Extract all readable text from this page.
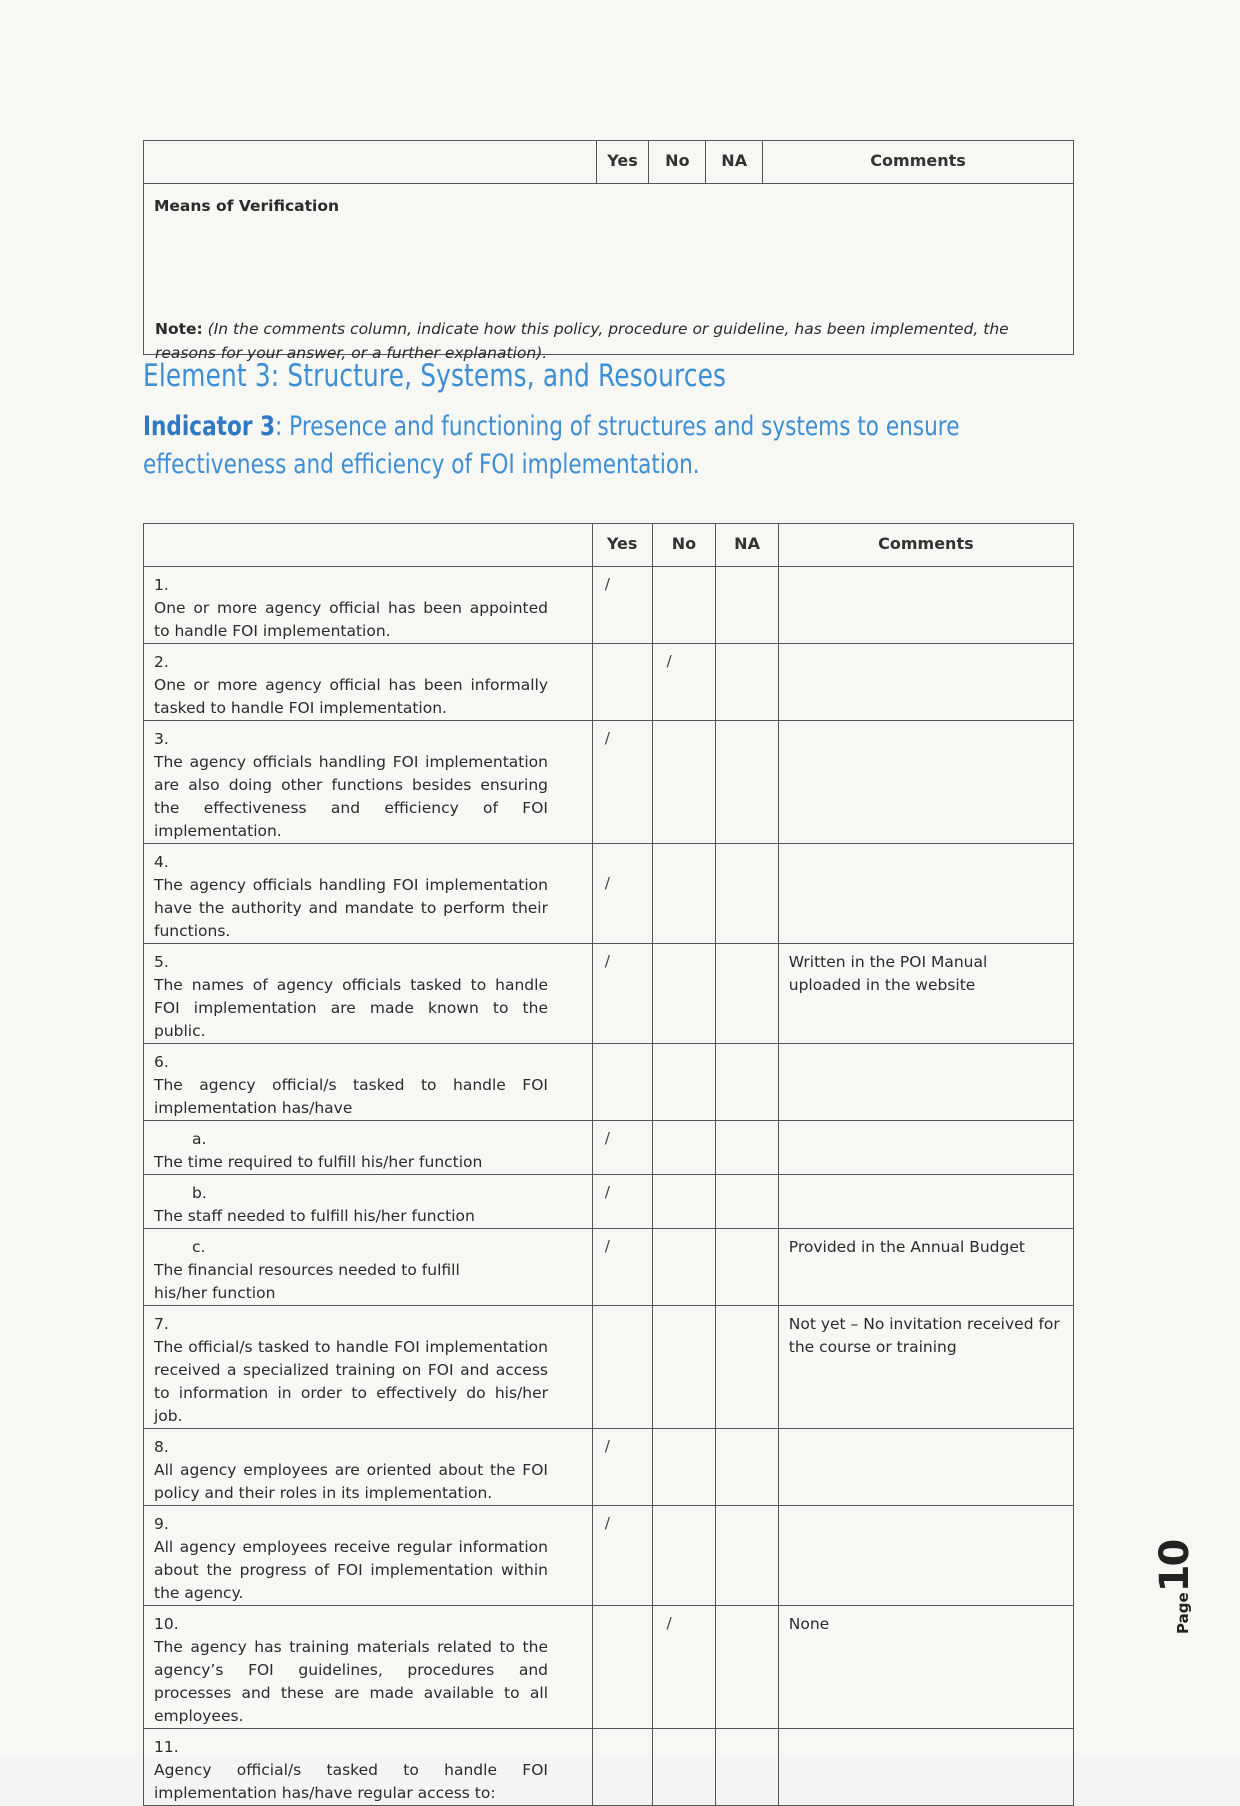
	Yes	No	NA	Comments

Means of Verification
Note: (In the comments column, indicate how this policy, procedure or guideline, has been implemented, the reasons for your answer, or a further explanation).
Element 3: Structure, Systems, and Resources

Indicator 3: Presence and functioning of structures and systems to ensure effectiveness and efficiency of FOI implementation.

	Yes	No	NA	Comments
1.One or more agency official has been appointed to handle FOI implementation.	/			
2.One or more agency official has been informally tasked to handle FOI implementation.		/		
3.The agency officials handling FOI implementation are also doing other functions besides ensuring the effectiveness and efficiency of FOI implementation.	/			
4.The agency officials handling FOI implementation have the authority and mandate to perform their functions.	/			
5.The names of agency officials tasked to handle FOI implementation are made known to the public.	/			Written in the POI Manual uploaded in the website
6.The agency official/s tasked to handle FOI implementation has/have				
a.The time required to fulfill his/her function	/			
b.The staff needed to fulfill his/her function	/			
c.The financial resources needed to fulfill his/her function	/			Provided in the Annual Budget
7.The official/s tasked to handle FOI implementation received a specialized training on FOI and access to information in order to effectively do his/her job.				Not yet – No invitation received for the course or training
8.All agency employees are oriented about the FOI policy and their roles in its implementation.	/			
9.All agency employees receive regular information about the progress of FOI implementation within the agency.	/			
10.The agency has training materials related to the agency’s FOI guidelines, procedures and processes and these are made available to all employees.		/		None
11.Agency official/s tasked to handle FOI implementation has/have regular access to:				
Page10
